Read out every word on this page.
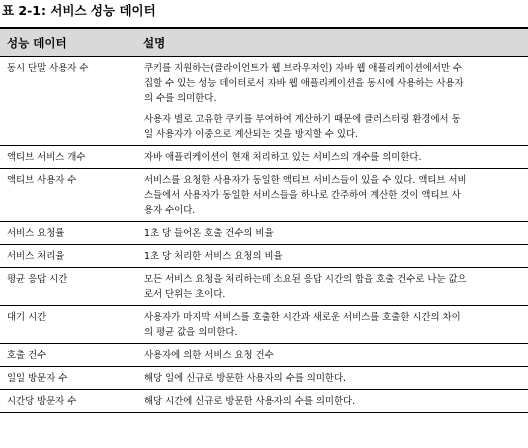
표 2-1: 서비스 성능 데이터
성능 데이터	설명
동시 단말 사용자 수	쿠키를 지원하는(클라이언트가 웹 브라우저인) 자바 웹 애플리케이션에서만 수
집할 수 있는 성능 데이터로서 자바 웹 애플리케이션을 동시에 사용하는 사용자
의 수를 의미한다.
사용자 별로 고유한 쿠키를 부여하여 계산하기 때문에 클러스터링 환경에서 동
일 사용자가 이중으로 계산되는 것을 방지할 수 있다.

액티브 서비스 개수	자바 애플리케이션이 현재 처리하고 있는 서비스의 개수를 의미한다.

액티브 사용자 수	서비스를 요청한 사용자가 동일한 액티브 서비스들이 있을 수 있다. 액티브 서비
스들에서 사용자가 동일한 서비스들을 하나로 간주하여 계산한 것이 액티브 사
용자 수이다.

서비스 요청률	1초 당 들어온 호출 건수의 비율

서비스 처리율	1초 당 처리한 서비스 요청의 비율

평균 응답 시간	모든 서비스 요청을 처리하는데 소요된 응답 시간의 합을 호출 건수로 나눈 값으
로서 단위는 초이다.

대기 시간	사용자가 마지막 서비스를 호출한 시간과 새로운 서비스를 호출한 시간의 차이
의 평균 값을 의미한다.

호출 건수	사용자에 의한 서비스 요청 건수

일일 방문자 수	해당 일에 신규로 방문한 사용자의 수를 의미한다.

시간당 방문자 수	해당 시간에 신규로 방문한 사용자의 수를 의미한다.
